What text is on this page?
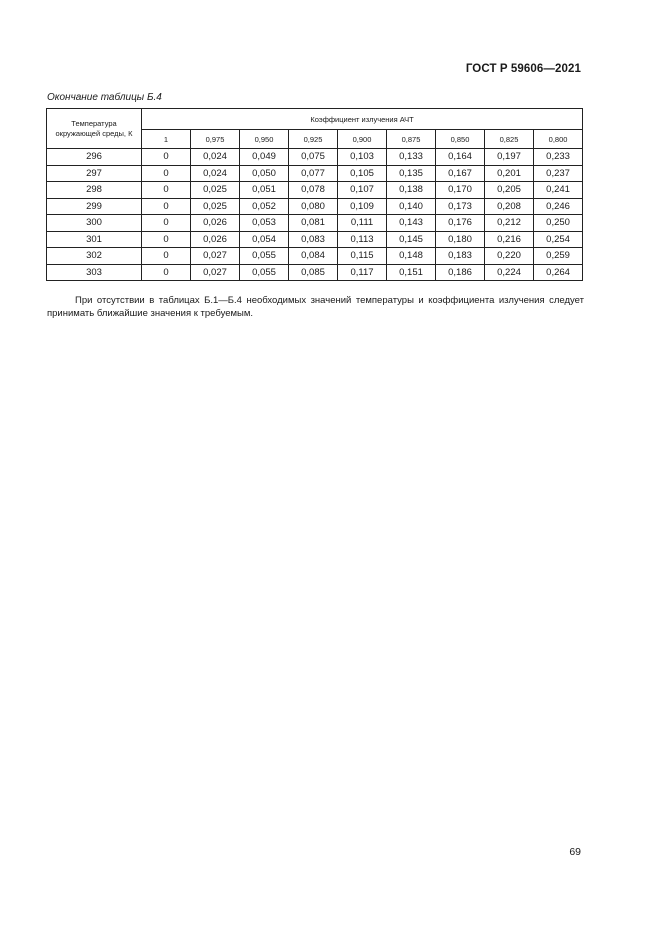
ГОСТ Р 59606—2021
Окончание таблицы Б.4
Температура окружающей среды, К	Коэффициент излучения АЧТ								
	1	0,975	0,950	0,925	0,900	0,875	0,850	0,825	0,800
296	0	0,024	0,049	0,075	0,103	0,133	0,164	0,197	0,233
297	0	0,024	0,050	0,077	0,105	0,135	0,167	0,201	0,237
298	0	0,025	0,051	0,078	0,107	0,138	0,170	0,205	0,241
299	0	0,025	0,052	0,080	0,109	0,140	0,173	0,208	0,246
300	0	0,026	0,053	0,081	0,111	0,143	0,176	0,212	0,250
301	0	0,026	0,054	0,083	0,113	0,145	0,180	0,216	0,254
302	0	0,027	0,055	0,084	0,115	0,148	0,183	0,220	0,259
303	0	0,027	0,055	0,085	0,117	0,151	0,186	0,224	0,264
При отсутствии в таблицах Б.1—Б.4 необходимых значений температуры и коэффициента излучения следует принимать ближайшие значения к требуемым.
69
